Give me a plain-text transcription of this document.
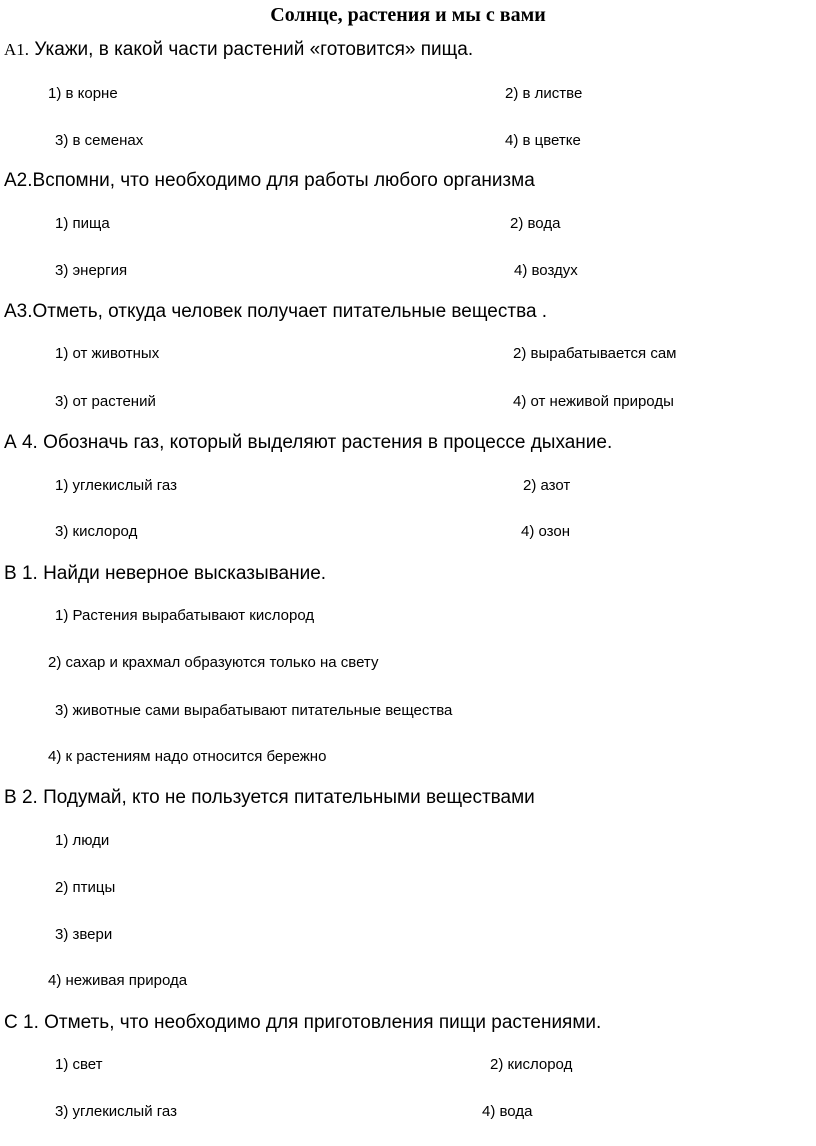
Солнце, растения и мы с вами
А1. Укажи, в какой части растений «готовится» пища.
1) в корне	2) в листве
3) в семенах	4) в цветке
А2.Вспомни, что необходимо для работы любого организма
1) пища	2) вода
3) энергия	4) воздух
А3.Отметь, откуда человек получает питательные вещества .
1) от животных	2) вырабатывается сам
3) от растений	4) от неживой природы
А 4. Обозначь газ, который выделяют растения в процессе дыхание.
1) углекислый газ	2) азот
3) кислород	4) озон
В 1. Найди неверное высказывание.
1) Растения вырабатывают кислород
2) сахар и крахмал образуются только на свету
3) животные сами вырабатывают питательные вещества
4) к растениям надо относится бережно
В 2. Подумай, кто не пользуется питательными веществами
1) люди
2) птицы
3) звери
4) неживая природа
С 1. Отметь, что необходимо для приготовления пищи растениями.
1) свет	2) кислород
3) углекислый газ	4) вода
